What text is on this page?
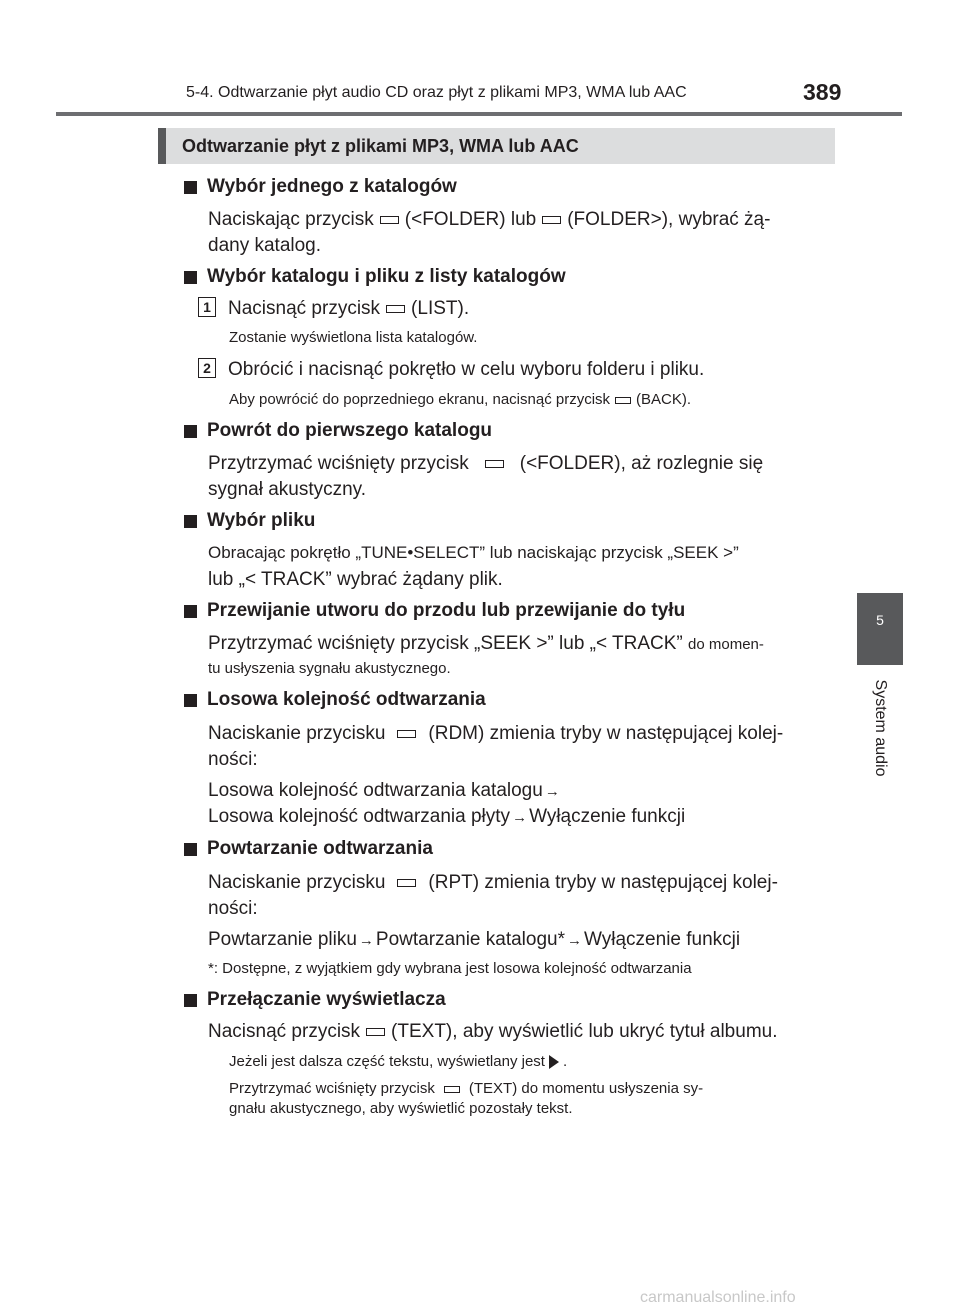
5-4. Odtwarzanie płyt audio CD oraz płyt z plikami MP3, WMA lub AAC	389
5
System audio
Odtwarzanie płyt z plikami MP3, WMA lub AAC
Wybór jednego z katalogów
Naciskając przycisk (<FOLDER) lub (FOLDER>), wybrać żą-
dany katalog.
Wybór katalogu i pliku z listy katalogów
1 Nacisnąć przycisk (LIST).
Zostanie wyświetlona lista katalogów.
2 Obrócić i nacisnąć pokrętło w celu wyboru folderu i pliku.
Aby powrócić do poprzedniego ekranu, nacisnąć przycisk (BACK).
Powrót do pierwszego katalogu
Przytrzymać wciśnięty przycisk	(<FOLDER), aż rozlegnie się
sygnał akustyczny.
Wybór pliku
Obracając pokrętło „TUNE•SELECT” lub naciskając przycisk „SEEK >”
lub „< TRACK” wybrać żądany plik.
Przewijanie utworu do przodu lub przewijanie do tyłu
Przytrzymać wciśnięty przycisk „SEEK >” lub „< TRACK” do momen-
tu usłyszenia sygnału akustycznego.
Losowa kolejność odtwarzania
Naciskanie przycisku (RDM) zmienia tryby w następującej kolej-
ności:
Losowa kolejność odtwarzania katalogu →
Losowa kolejność odtwarzania płyty → Wyłączenie funkcji
Powtarzanie odtwarzania
Naciskanie przycisku (RPT) zmienia tryby w następującej kolej-
ności:
Powtarzanie pliku → Powtarzanie katalogu* → Wyłączenie funkcji
*: Dostępne, z wyjątkiem gdy wybrana jest losowa kolejność odtwarzania
Przełączanie wyświetlacza
Nacisnąć przycisk (TEXT), aby wyświetlić lub ukryć tytuł albumu.
Jeżeli jest dalsza część tekstu, wyświetlany jest .
Przytrzymać wciśnięty przycisk (TEXT) do momentu usłyszenia sy-
gnału akustycznego, aby wyświetlić pozostały tekst.
carmanualsonline.info
